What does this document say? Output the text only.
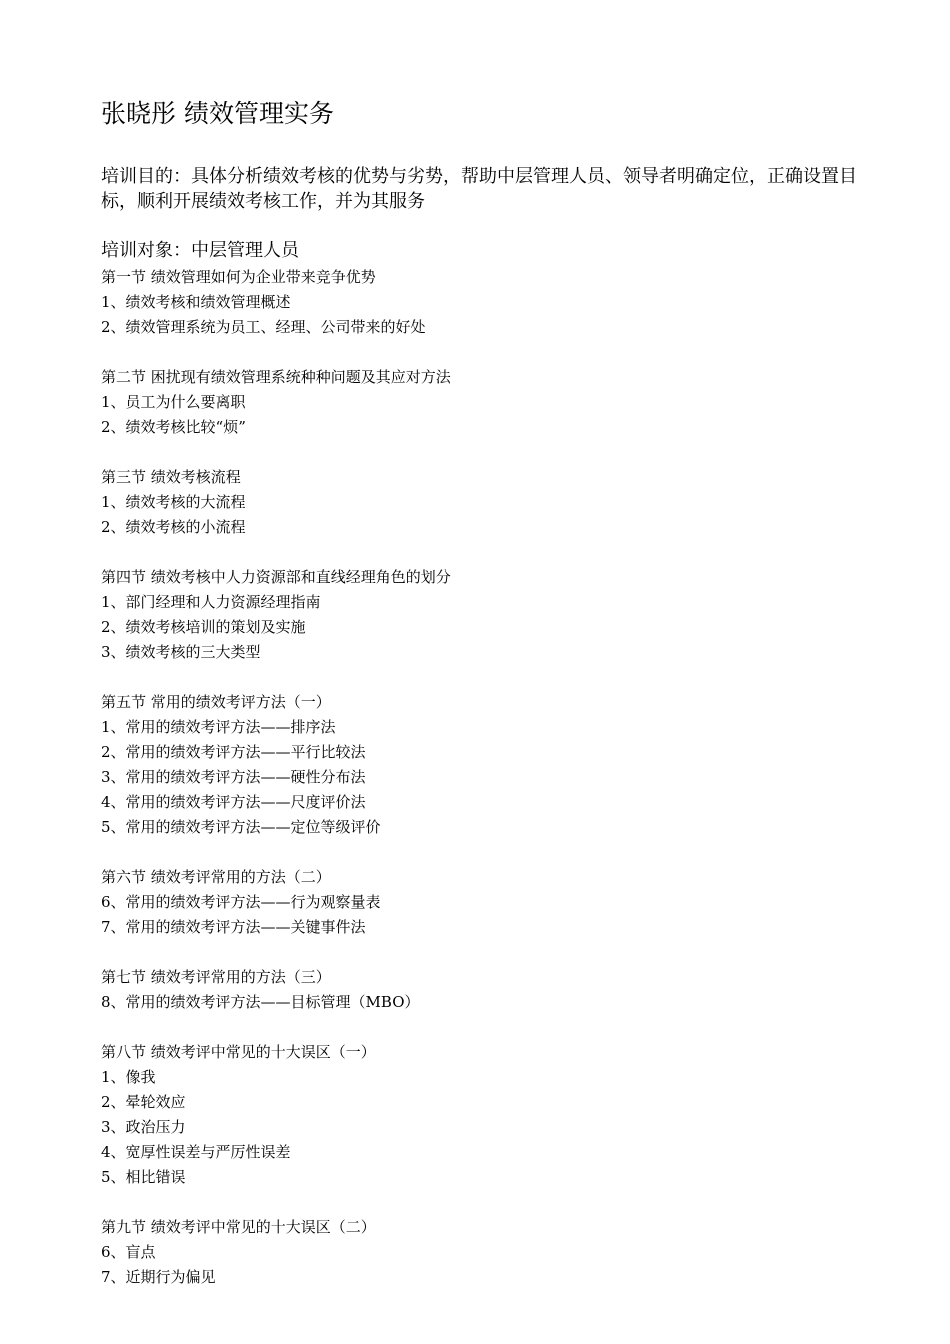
张晓彤 绩效管理实务
培训目的：具体分析绩效考核的优势与劣势，帮助中层管理人员、领导者明确定位，正确设置目标，顺利开展绩效考核工作，并为其服务
培训对象：中层管理人员
第一节 绩效管理如何为企业带来竞争优势
1、绩效考核和绩效管理概述
2、绩效管理系统为员工、经理、公司带来的好处
第二节 困扰现有绩效管理系统种种问题及其应对方法
1、员工为什么要离职
2、绩效考核比较“烦”
第三节 绩效考核流程
1、绩效考核的大流程
2、绩效考核的小流程
第四节 绩效考核中人力资源部和直线经理角色的划分
1、部门经理和人力资源经理指南
2、绩效考核培训的策划及实施
3、绩效考核的三大类型
第五节 常用的绩效考评方法（一）
1、常用的绩效考评方法——排序法
2、常用的绩效考评方法——平行比较法
3、常用的绩效考评方法——硬性分布法
4、常用的绩效考评方法——尺度评价法
5、常用的绩效考评方法——定位等级评价
第六节 绩效考评常用的方法（二）
6、常用的绩效考评方法——行为观察量表
7、常用的绩效考评方法——关键事件法
第七节 绩效考评常用的方法（三）
8、常用的绩效考评方法——目标管理（MBO）
第八节 绩效考评中常见的十大误区（一）
1、像我
2、晕轮效应
3、政治压力
4、宽厚性误差与严厉性误差
5、相比错误
第九节 绩效考评中常见的十大误区（二）
6、盲点
7、近期行为偏见
